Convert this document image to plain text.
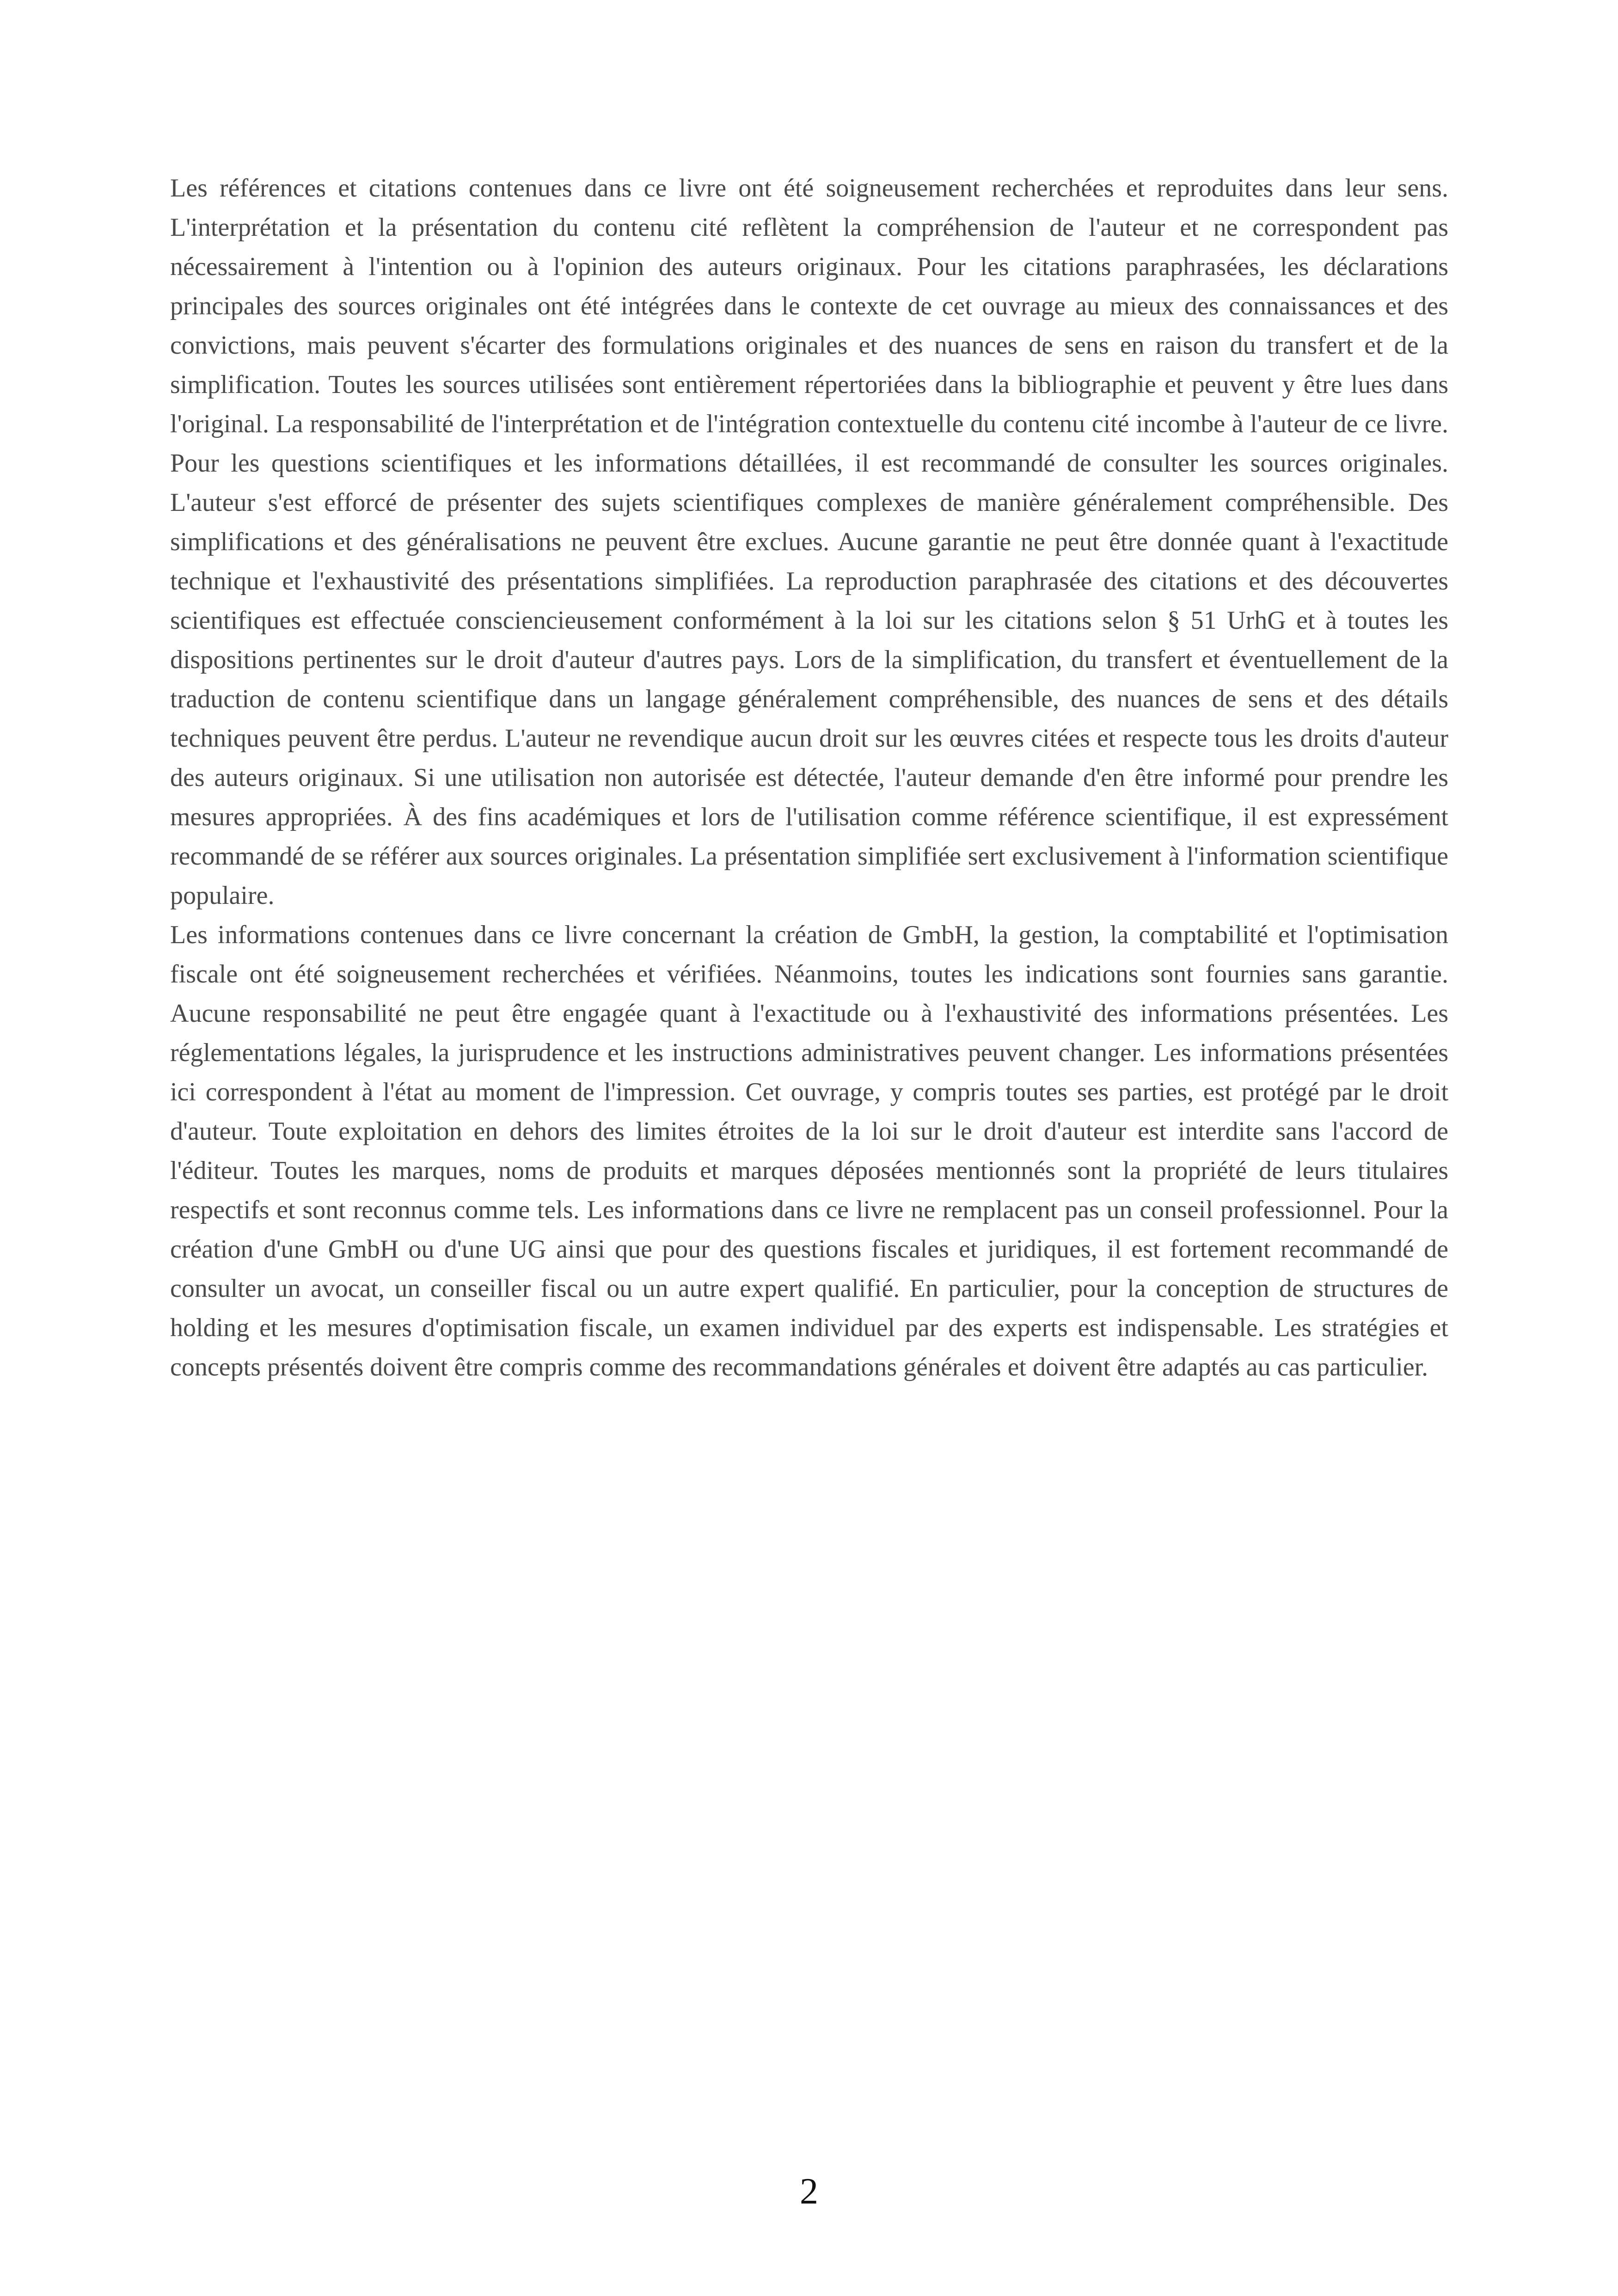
Les références et citations contenues dans ce livre ont été soigneusement recherchées et reproduites dans leur sens. L'interprétation et la présentation du contenu cité reflètent la compréhension de l'auteur et ne correspondent pas nécessairement à l'intention ou à l'opinion des auteurs originaux. Pour les citations paraphrasées, les déclarations principales des sources originales ont été intégrées dans le contexte de cet ouvrage au mieux des connaissances et des convictions, mais peuvent s'écarter des formulations originales et des nuances de sens en raison du transfert et de la simplification. Toutes les sources utilisées sont entièrement répertoriées dans la bibliographie et peuvent y être lues dans l'original. La responsabilité de l'interprétation et de l'intégration contextuelle du contenu cité incombe à l'auteur de ce livre. Pour les questions scientifiques et les informations détaillées, il est recommandé de consulter les sources originales. L'auteur s'est efforcé de présenter des sujets scientifiques complexes de manière généralement compréhensible. Des simplifications et des généralisations ne peuvent être exclues. Aucune garantie ne peut être donnée quant à l'exactitude technique et l'exhaustivité des présentations simplifiées. La reproduction paraphrasée des citations et des découvertes scientifiques est effectuée consciencieusement conformément à la loi sur les citations selon § 51 UrhG et à toutes les dispositions pertinentes sur le droit d'auteur d'autres pays. Lors de la simplification, du transfert et éventuellement de la traduction de contenu scientifique dans un langage généralement compréhensible, des nuances de sens et des détails techniques peuvent être perdus. L'auteur ne revendique aucun droit sur les œuvres citées et respecte tous les droits d'auteur des auteurs originaux. Si une utilisation non autorisée est détectée, l'auteur demande d'en être informé pour prendre les mesures appropriées. À des fins académiques et lors de l'utilisation comme référence scientifique, il est expressément recommandé de se référer aux sources originales. La présentation simplifiée sert exclusivement à l'information scientifique populaire.

Les informations contenues dans ce livre concernant la création de GmbH, la gestion, la comptabilité et l'optimisation fiscale ont été soigneusement recherchées et vérifiées. Néanmoins, toutes les indications sont fournies sans garantie. Aucune responsabilité ne peut être engagée quant à l'exactitude ou à l'exhaustivité des informations présentées. Les réglementations légales, la jurisprudence et les instructions administratives peuvent changer. Les informations présentées ici correspondent à l'état au moment de l'impression. Cet ouvrage, y compris toutes ses parties, est protégé par le droit d'auteur. Toute exploitation en dehors des limites étroites de la loi sur le droit d'auteur est interdite sans l'accord de l'éditeur. Toutes les marques, noms de produits et marques déposées mentionnés sont la propriété de leurs titulaires respectifs et sont reconnus comme tels. Les informations dans ce livre ne remplacent pas un conseil professionnel. Pour la création d'une GmbH ou d'une UG ainsi que pour des questions fiscales et juridiques, il est fortement recommandé de consulter un avocat, un conseiller fiscal ou un autre expert qualifié. En particulier, pour la conception de structures de holding et les mesures d'optimisation fiscale, un examen individuel par des experts est indispensable. Les stratégies et concepts présentés doivent être compris comme des recommandations générales et doivent être adaptés au cas particulier.

2
